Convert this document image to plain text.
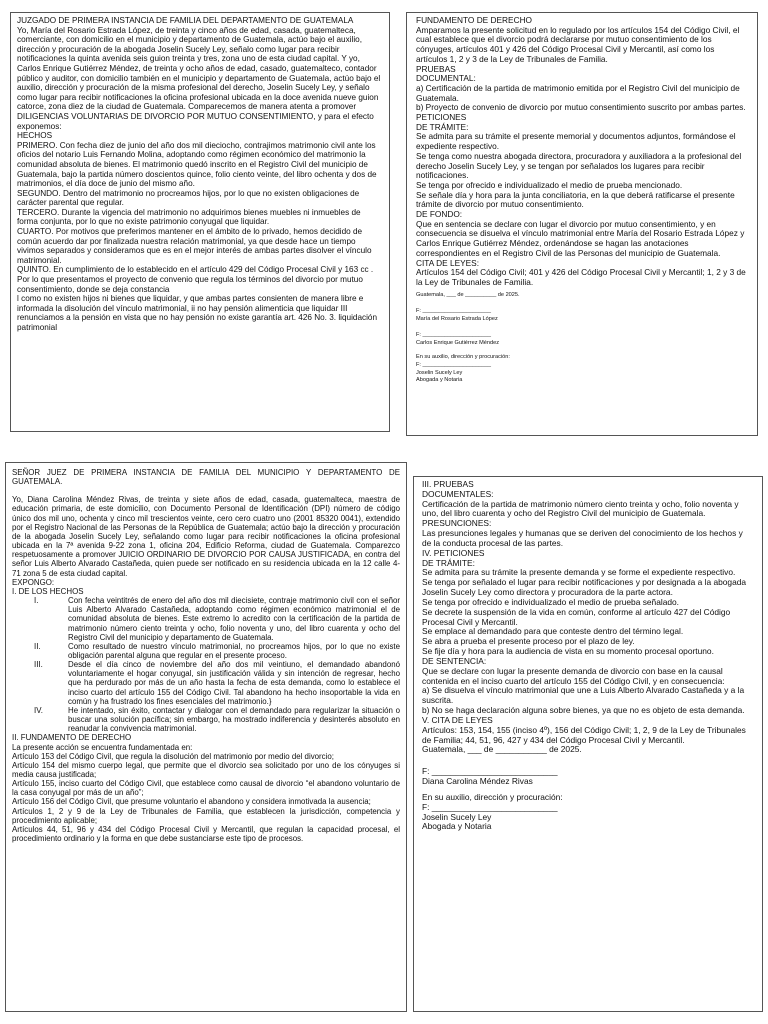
JUZGADO DE PRIMERA INSTANCIA DE FAMILIA DEL DEPARTAMENTO DE GUATEMALA
Yo, María del Rosario Estrada López, de treinta y cinco años de edad, casada, guatemalteca, comerciante, con domicilio en el municipio y departamento de Guatemala, actúo bajo el auxilio, dirección y procuración de la abogada Joselin Sucely Ley, señalo como lugar para recibir notificaciones la quinta avenida seis guion treinta y tres, zona uno de esta ciudad capital. Y yo, Carlos Enrique Gutiérrez Méndez, de treinta y ocho años de edad, casado, guatemalteco, contador público y auditor, con domicilio también en el municipio y departamento de Guatemala, actúo bajo el auxilio, dirección y procuración de la misma profesional del derecho, Joselin Sucely Ley, y señalo como lugar para recibir notificaciones la oficina profesional ubicada en la doce avenida nueve guion catorce, zona diez de la ciudad de Guatemala. Comparecemos de manera atenta a promover DILIGENCIAS VOLUNTARIAS DE DIVORCIO POR MUTUO CONSENTIMIENTO, y para el efecto exponemos:
HECHOS
PRIMERO. Con fecha diez de junio del año dos mil dieciocho, contrajimos matrimonio civil ante los oficios del notario Luis Fernando Molina, adoptando como régimen económico del matrimonio la comunidad absoluta de bienes. El matrimonio quedó inscrito en el Registro Civil del municipio de Guatemala, bajo la partida número doscientos quince, folio ciento veinte, del libro ochenta y dos de matrimonios, el día doce de junio del mismo año.
SEGUNDO. Dentro del matrimonio no procreamos hijos, por lo que no existen obligaciones de carácter parental que regular.
TERCERO. Durante la vigencia del matrimonio no adquirimos bienes muebles ni inmuebles de forma conjunta, por lo que no existe patrimonio conyugal que liquidar.
CUARTO. Por motivos que preferimos mantener en el ámbito de lo privado, hemos decidido de común acuerdo dar por finalizada nuestra relación matrimonial, ya que desde hace un tiempo vivimos separados y consideramos que es en el mejor interés de ambas partes disolver el vínculo matrimonial.
QUINTO. En cumplimiento de lo establecido en el artículo 429 del Código Procesal Civil y 163 cc . Por lo que presentamos el proyecto de convenio que regula los términos del divorcio por mutuo consentimiento, donde se deja constancia
l como no existen hijos ni bienes que liquidar, y que ambas partes consienten de manera libre e informada la disolución del vínculo matrimonial, ii no hay pensión alimenticia que liquidar III renunciamos a la pensión en vista que no hay pensión no existe garantía art. 426 No. 3. liquidación patrimonial
FUNDAMENTO DE DERECHO
Amparamos la presente solicitud en lo regulado por los artículos 154 del Código Civil, el cual establece que el divorcio podrá declararse por mutuo consentimiento de los cónyuges, artículos 401 y 426 del Código Procesal Civil y Mercantil, así como los artículos 1, 2 y 3 de la Ley de Tribunales de Familia.
PRUEBAS
DOCUMENTAL:
a) Certificación de la partida de matrimonio emitida por el Registro Civil del municipio de Guatemala.
b) Proyecto de convenio de divorcio por mutuo consentimiento suscrito por ambas partes.
PETICIONES
DE TRÁMITE:
Se admita para su trámite el presente memorial y documentos adjuntos, formándose el expediente respectivo.
Se tenga como nuestra abogada directora, procuradora y auxiliadora a la profesional del derecho Joselin Sucely Ley, y se tengan por señalados los lugares para recibir notificaciones.
Se tenga por ofrecido e individualizado el medio de prueba mencionado.
Se señale día y hora para la junta conciliatoria, en la que deberá ratificarse el presente trámite de divorcio por mutuo consentimiento.
DE FONDO:
Que en sentencia se declare con lugar el divorcio por mutuo consentimiento, y en consecuencia se disuelva el vínculo matrimonial entre María del Rosario Estrada López y Carlos Enrique Gutiérrez Méndez, ordenándose se hagan las anotaciones correspondientes en el Registro Civil de las Personas del municipio de Guatemala.
CITA DE LEYES:
Artículos 154 del Código Civil; 401 y 426 del Código Procesal Civil y Mercantil; 1, 2 y 3 de la Ley de Tribunales de Familia.
Guatemala, ___ de __________ de 2025.
F: ______________________
María del Rosario Estrada López
F: ______________________
Carlos Enrique Gutiérrez Méndez
En su auxilio, dirección y procuración:
F: ______________________
Joselin Sucely Ley
Abogada y Notaria
SEÑOR JUEZ DE PRIMERA INSTANCIA DE FAMILIA DEL MUNICIPIO Y DEPARTAMENTO DE GUATEMALA.
Yo, Diana Carolina Méndez Rivas, de treinta y siete años de edad, casada, guatemalteca, maestra de educación primaria, de este domicilio, con Documento Personal de Identificación (DPI) número de código único dos mil uno, ochenta y cinco mil trescientos veinte, cero cero cuatro uno (2001 85320 0041), extendido por el Registro Nacional de las Personas de la República de Guatemala; actúo bajo la dirección y procuración de la abogada Joselin Sucely Ley, señalando como lugar para recibir notificaciones la oficina profesional ubicada en la 7ª avenida 9-22 zona 1, oficina 204, Edificio Reforma, ciudad de Guatemala. Comparezco respetuosamente a promover JUICIO ORDINARIO DE DIVORCIO POR CAUSA JUSTIFICADA, en contra del señor Luis Alberto Alvarado Castañeda, quien puede ser notificado en su residencia ubicada en la 12 calle 4-71 zona 5 de esta ciudad capital.
EXPONGO:
I. DE LOS HECHOS
I.	Con fecha veintitrés de enero del año dos mil diecisiete, contraje matrimonio civil con el señor Luis Alberto Alvarado Castañeda, adoptando como régimen económico matrimonial el de comunidad absoluta de bienes. Este extremo lo acredito con la certificación de la partida de matrimonio número ciento treinta y ocho, folio noventa y uno, del libro cuarenta y ocho del Registro Civil del municipio y departamento de Guatemala.
II.	Como resultado de nuestro vínculo matrimonial, no procreamos hijos, por lo que no existe obligación parental alguna que regular en el presente proceso.
III.	Desde el día cinco de noviembre del año dos mil veintiuno, el demandado abandonó voluntariamente el hogar conyugal, sin justificación válida y sin intención de regresar, hecho que ha perdurado por más de un año hasta la fecha de esta demanda, como lo establece el inciso cuarto del artículo 155 del Código Civil. Tal abandono ha hecho insoportable la vida en común y ha frustrado los fines esenciales del matrimonio.}
IV.	He intentado, sin éxito, contactar y dialogar con el demandado para regularizar la situación o buscar una solución pacífica; sin embargo, ha mostrado indiferencia y desinterés absoluto en reanudar la convivencia matrimonial.
II. FUNDAMENTO DE DERECHO
La presente acción se encuentra fundamentada en:
Artículo 153 del Código Civil, que regula la disolución del matrimonio por medio del divorcio;
Artículo 154 del mismo cuerpo legal, que permite que el divorcio sea solicitado por uno de los cónyuges si media causa justificada;
Artículo 155, inciso cuarto del Código Civil, que establece como causal de divorcio “el abandono voluntario de la casa conyugal por más de un año”;
Artículo 156 del Código Civil, que presume voluntario el abandono y considera inmotivada la ausencia;
Artículos 1, 2 y 9 de la Ley de Tribunales de Familia, que establecen la jurisdicción, competencia y procedimiento aplicable;
Artículos 44, 51, 96 y 434 del Código Procesal Civil y Mercantil, que regulan la capacidad procesal, el procedimiento ordinario y la forma en que debe sustanciarse este tipo de procesos.
III. PRUEBAS
DOCUMENTALES:
Certificación de la partida de matrimonio número ciento treinta y ocho, folio noventa y uno, del libro cuarenta y ocho del Registro Civil del municipio de Guatemala.
PRESUNCIONES:
Las presunciones legales y humanas que se deriven del conocimiento de los hechos y de la conducta procesal de las partes.
IV. PETICIONES
DE TRÁMITE:
Se admita para su trámite la presente demanda y se forme el expediente respectivo.
Se tenga por señalado el lugar para recibir notificaciones y por designada a la abogada Joselin Sucely Ley como directora y procuradora de la parte actora.
Se tenga por ofrecido e individualizado el medio de prueba señalado.
Se decrete la suspensión de la vida en común, conforme al artículo 427 del Código Procesal Civil y Mercantil.
Se emplace al demandado para que conteste dentro del término legal.
Se abra a prueba el presente proceso por el plazo de ley.
Se fije día y hora para la audiencia de vista en su momento procesal oportuno.
DE SENTENCIA:
Que se declare con lugar la presente demanda de divorcio con base en la causal contenida en el inciso cuarto del artículo 155 del Código Civil, y en consecuencia:
a) Se disuelva el vínculo matrimonial que une a Luis Alberto Alvarado Castañeda y a la suscrita.
b) No se haga declaración alguna sobre bienes, ya que no es objeto de esta demanda.
V. CITA DE LEYES
Artículos: 153, 154, 155 (inciso 4º), 156 del Código Civil; 1, 2, 9 de la Ley de Tribunales de Familia; 44, 51, 96, 427 y 434 del Código Procesal Civil y Mercantil.
Guatemala, ___ de ___________ de 2025.
F: ___________________________
Diana Carolina Méndez Rivas
En su auxilio, dirección y procuración:
F: ___________________________
Joselin Sucely Ley
Abogada y Notaria
